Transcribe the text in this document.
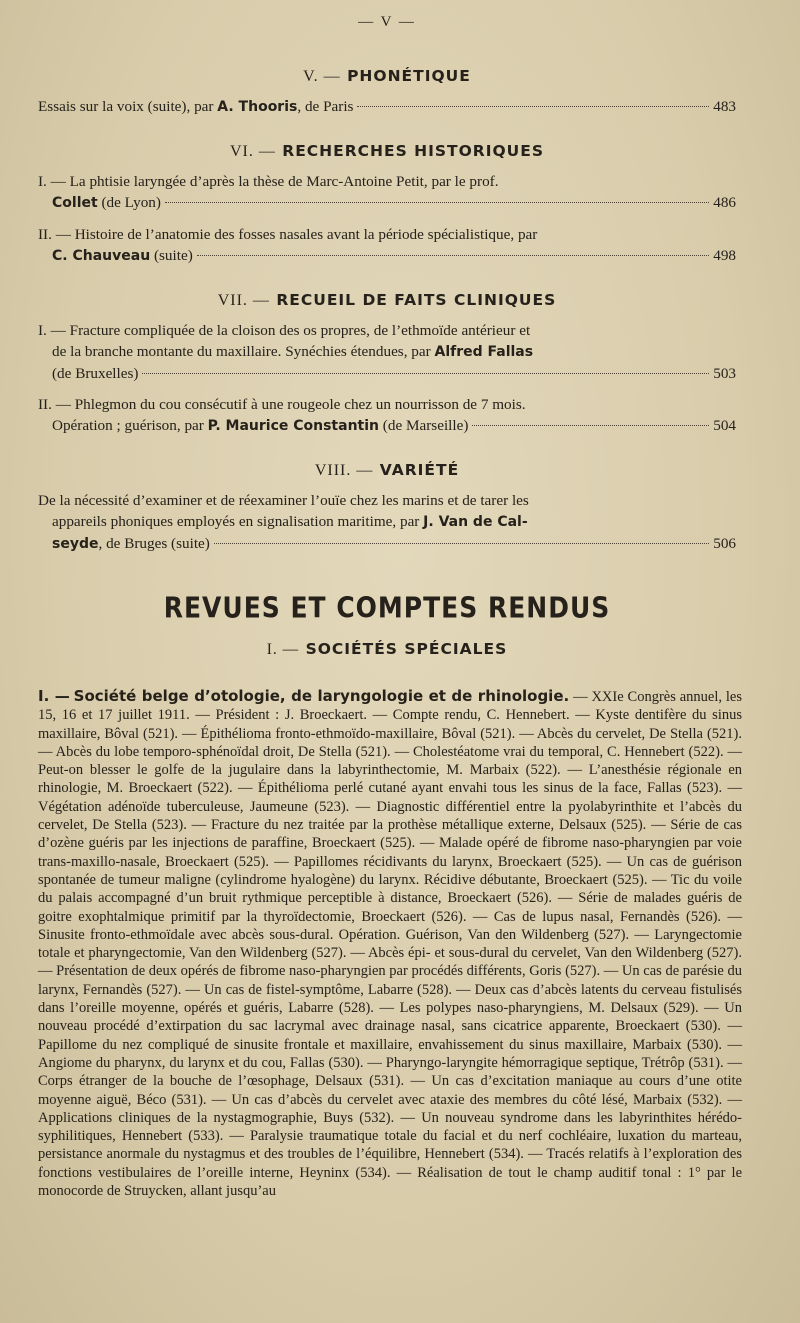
— V —
V. — PHONÉTIQUE
Essais sur la voix (suite), par A. Thooris, de Paris	483
VI. — RECHERCHES HISTORIQUES
I. — La phtisie laryngée d’après la thèse de Marc-Antoine Petit, par le prof.
Collet (de Lyon)	486
II. — Histoire de l’anatomie des fosses nasales avant la période spécialistique, par
C. Chauveau (suite)	498
VII. — RECUEIL DE FAITS CLINIQUES
I. — Fracture compliquée de la cloison des os propres, de l’ethmoïde antérieur et
de la branche montante du maxillaire. Synéchies étendues, par Alfred Fallas
(de Bruxelles)	503
II. — Phlegmon du cou consécutif à une rougeole chez un nourrisson de 7 mois.
Opération ; guérison, par P. Maurice Constantin (de Marseille)	504
VIII. — VARIÉTÉ
De la nécessité d’examiner et de réexaminer l’ouïe chez les marins et de tarer les
appareils phoniques employés en signalisation maritime, par J. Van de Cal-
seyde, de Bruges (suite)	506
REVUES ET COMPTES RENDUS
I. — SOCIÉTÉS SPÉCIALES
I. — Société belge d’otologie, de laryngologie et de rhinologie. — XXIe Congrès annuel, les 15, 16 et 17 juillet 1911. — Président : J. Broeckaert. — Compte rendu, C. Hennebert. — Kyste dentifère du sinus maxillaire, Bôval (521). — Épithélioma fronto-ethmoïdo-maxillaire, Bôval (521). — Abcès du cervelet, De Stella (521). — Abcès du lobe temporo-sphénoïdal droit, De Stella (521). — Cholestéatome vrai du temporal, C. Hennebert (522). — Peut-on blesser le golfe de la jugulaire dans la labyrinthectomie, M. Marbaix (522). — L’anesthésie régionale en rhinologie, M. Broeckaert (522). — Épithélioma perlé cutané ayant envahi tous les sinus de la face, Fallas (523). — Végétation adénoïde tuberculeuse, Jaumeune (523). — Diagnostic différentiel entre la pyolabyrinthite et l’abcès du cervelet, De Stella (523). — Fracture du nez traitée par la prothèse métallique externe, Delsaux (525). — Série de cas d’ozène guéris par les injections de paraffine, Broeckaert (525). — Malade opéré de fibrome naso-pharyngien par voie trans-maxillo-nasale, Broeckaert (525). — Papillomes récidivants du larynx, Broeckaert (525). — Un cas de guérison spontanée de tumeur maligne (cylindrome hyalogène) du larynx. Récidive débutante, Broeckaert (525). — Tic du voile du palais accompagné d’un bruit rythmique perceptible à distance, Broeckaert (526). — Série de malades guéris de goitre exophtalmique primitif par la thyroïdectomie, Broeckaert (526). — Cas de lupus nasal, Fernandès (526). — Sinusite fronto-ethmoïdale avec abcès sous-dural. Opération. Guérison, Van den Wildenberg (527). — Laryngectomie totale et pharyngectomie, Van den Wildenberg (527). — Abcès épi- et sous-dural du cervelet, Van den Wildenberg (527). — Présentation de deux opérés de fibrome naso-pharyngien par procédés différents, Goris (527). — Un cas de parésie du larynx, Fernandès (527). — Un cas de fistel-symptôme, Labarre (528). — Deux cas d’abcès latents du cerveau fistulisés dans l’oreille moyenne, opérés et guéris, Labarre (528). — Les polypes naso-pharyngiens, M. Delsaux (529). — Un nouveau procédé d’extirpation du sac lacrymal avec drainage nasal, sans cicatrice apparente, Broeckaert (530). — Papillome du nez compliqué de sinusite frontale et maxillaire, envahissement du sinus maxillaire, Marbaix (530). — Angiome du pharynx, du larynx et du cou, Fallas (530). — Pharyngo-laryngite hémorragique septique, Trétrôp (531). — Corps étranger de la bouche de l’œsophage, Delsaux (531). — Un cas d’excitation maniaque au cours d’une otite moyenne aiguë, Béco (531). — Un cas d’abcès du cervelet avec ataxie des membres du côté lésé, Marbaix (532). — Applications cliniques de la nystagmographie, Buys (532). — Un nouveau syndrome dans les labyrinthites hérédo-syphilitiques, Hennebert (533). — Paralysie traumatique totale du facial et du nerf cochléaire, luxation du marteau, persistance anormale du nystagmus et des troubles de l’équilibre, Hennebert (534). — Tracés relatifs à l’exploration des fonctions vestibulaires de l’oreille interne, Heyninx (534). — Réalisation de tout le champ auditif tonal : 1° par le monocorde de Struycken, allant jusqu’au
